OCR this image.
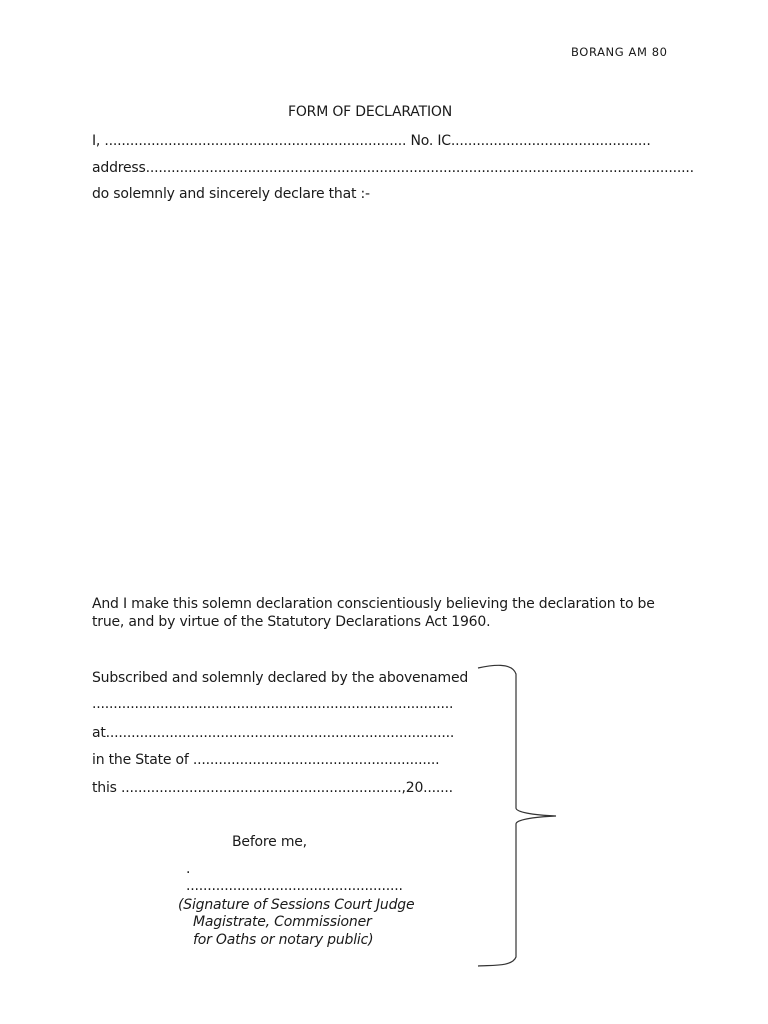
BORANG AM 80
FORM OF DECLARATION
I, ....................................................................... No. IC...............................................
address.................................................................................................................................
do solemnly and sincerely declare that :-
And I make this solemn declaration conscientiously believing the declaration to be
true, and by virtue of the Statutory Declarations Act 1960.
Subscribed and solemnly declared by the abovenamed
.....................................................................................
at..................................................................................
in the State of ..........................................................
this ..................................................................,20.......
Before me,
.
...................................................
(Signature of Sessions Court Judge
Magistrate, Commissioner
for Oaths or notary public)
